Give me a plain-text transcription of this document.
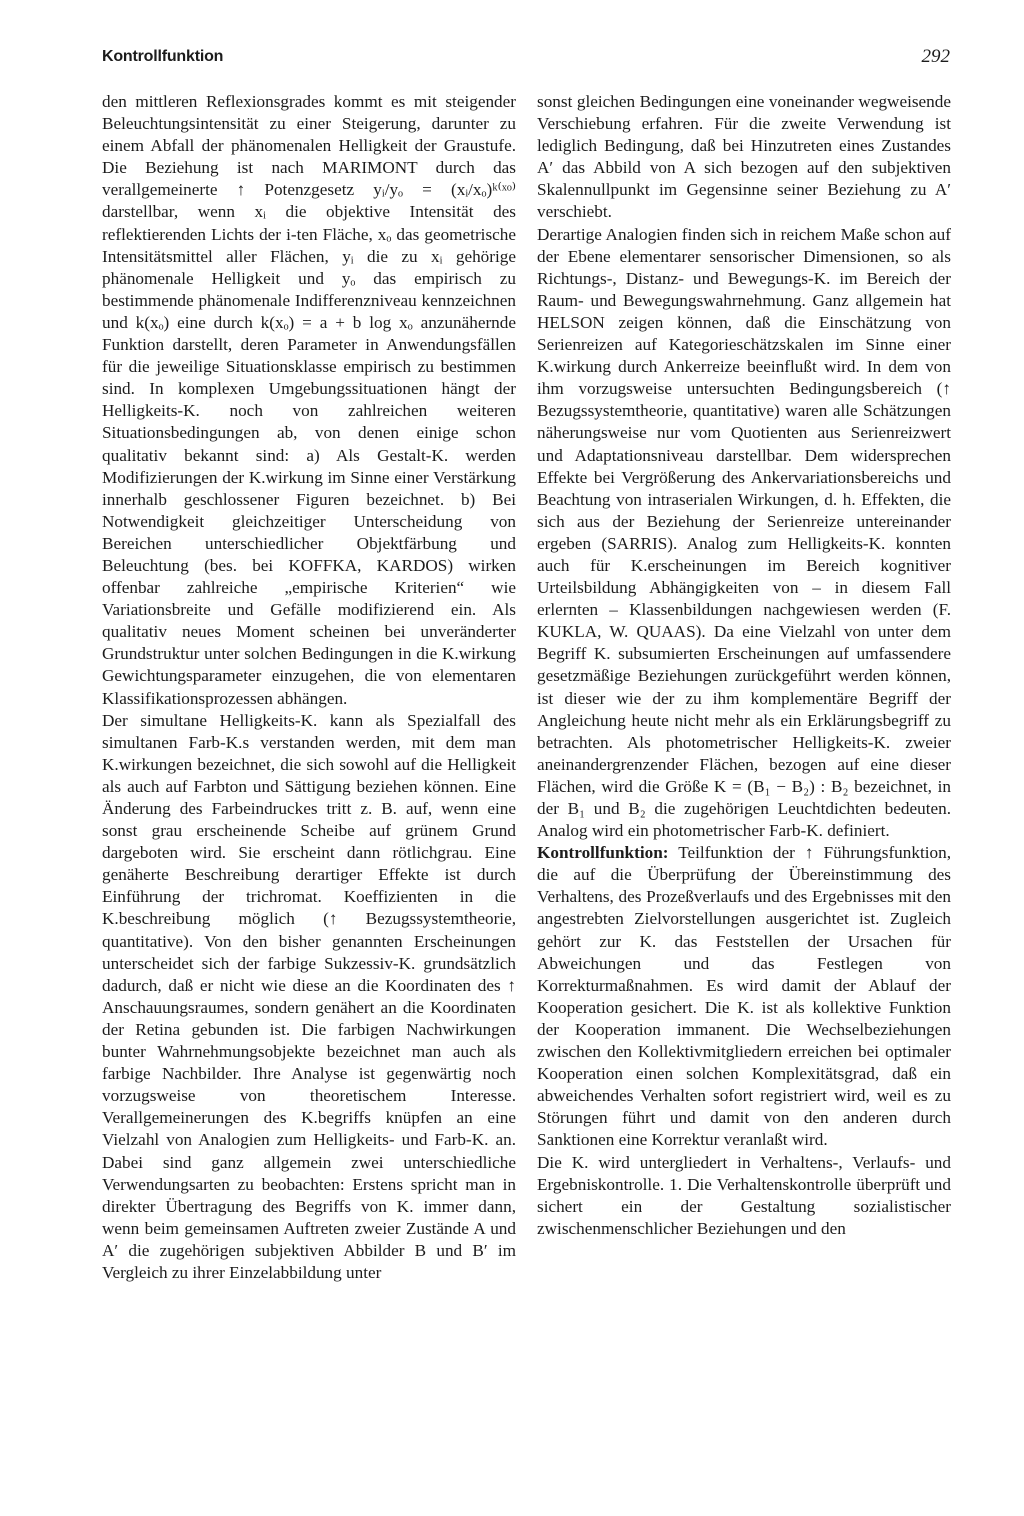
Kontrollfunktion	292

den mittleren Reflexionsgrades kommt es mit steigender Beleuchtungsintensität zu einer Steigerung, darunter zu einem Abfall der phänomenalen Helligkeit der Graustufe. Die Beziehung ist nach MARIMONT durch das verallgemeinerte ↑ Potenzgesetz yᵢ/yₒ = (xᵢ/xₒ)ᵏ⁽ˣᵒ⁾ darstellbar, wenn xᵢ die objektive Intensität des reflektierenden Lichts der i-ten Fläche, xₒ das geometrische Intensitätsmittel aller Flächen, yᵢ die zu xᵢ gehörige phänomenale Helligkeit und yₒ das empirisch zu bestimmende phänomenale Indifferenzniveau kennzeichnen und k(xₒ) eine durch k(xₒ) = a + b log xₒ anzunähernde Funktion darstellt, deren Parameter in Anwendungsfällen für die jeweilige Situationsklasse empirisch zu bestimmen sind. In komplexen Umgebungssituationen hängt der Helligkeits-K. noch von zahlreichen weiteren Situationsbedingungen ab, von denen einige schon qualitativ bekannt sind: a) Als Gestalt-K. werden Modifizierungen der K.wirkung im Sinne einer Verstärkung innerhalb geschlossener Figuren bezeichnet. b) Bei Notwendigkeit gleichzeitiger Unterscheidung von Bereichen unterschiedlicher Objektfärbung und Beleuchtung (bes. bei KOFFKA, KARDOS) wirken offenbar zahlreiche „empirische Kriterien“ wie Variationsbreite und Gefälle modifizierend ein. Als qualitativ neues Moment scheinen bei unveränderter Grundstruktur unter solchen Bedingungen in die K.wirkung Gewichtungsparameter einzugehen, die von elementaren Klassifikationsprozessen abhängen.

Der simultane Helligkeits-K. kann als Spezialfall des simultanen Farb-K.s verstanden werden, mit dem man K.wirkungen bezeichnet, die sich sowohl auf die Helligkeit als auch auf Farbton und Sättigung beziehen können. Eine Änderung des Farbeindruckes tritt z. B. auf, wenn eine sonst grau erscheinende Scheibe auf grünem Grund dargeboten wird. Sie erscheint dann rötlichgrau. Eine genäherte Beschreibung derartiger Effekte ist durch Einführung der trichromat. Koeffizienten in die K.beschreibung möglich (↑ Bezugssystemtheorie, quantitative). Von den bisher genannten Erscheinungen unterscheidet sich der farbige Sukzessiv-K. grundsätzlich dadurch, daß er nicht wie diese an die Koordinaten des ↑ Anschauungsraumes, sondern genähert an die Koordinaten der Retina gebunden ist. Die farbigen Nachwirkungen bunter Wahrnehmungsobjekte bezeichnet man auch als farbige Nachbilder. Ihre Analyse ist gegenwärtig noch vorzugsweise von theoretischem Interesse. Verallgemeinerungen des K.begriffs knüpfen an eine Vielzahl von Analogien zum Helligkeits- und Farb-K. an. Dabei sind ganz allgemein zwei unterschiedliche Verwendungsarten zu beobachten: Erstens spricht man in direkter Übertragung des Begriffs von K. immer dann, wenn beim gemeinsamen Auftreten zweier Zustände A und A′ die zugehörigen subjektiven Abbilder B und B′ im Vergleich zu ihrer Einzelabbildung unter

sonst gleichen Bedingungen eine voneinander wegweisende Verschiebung erfahren. Für die zweite Verwendung ist lediglich Bedingung, daß bei Hinzutreten eines Zustandes A′ das Abbild von A sich bezogen auf den subjektiven Skalennullpunkt im Gegensinne seiner Beziehung zu A′ verschiebt.

Derartige Analogien finden sich in reichem Maße schon auf der Ebene elementarer sensorischer Dimensionen, so als Richtungs-, Distanz- und Bewegungs-K. im Bereich der Raum- und Bewegungswahrnehmung. Ganz allgemein hat HELSON zeigen können, daß die Einschätzung von Serienreizen auf Kategorieschätzskalen im Sinne einer K.wirkung durch Ankerreize beeinflußt wird. In dem von ihm vorzugsweise untersuchten Bedingungsbereich (↑ Bezugssystemtheorie, quantitative) waren alle Schätzungen näherungsweise nur vom Quotienten aus Serienreizwert und Adaptationsniveau darstellbar. Dem widersprechen Effekte bei Vergrößerung des Ankervariationsbereichs und Beachtung von intraserialen Wirkungen, d. h. Effekten, die sich aus der Beziehung der Serienreize untereinander ergeben (SARRIS). Analog zum Helligkeits-K. konnten auch für K.erscheinungen im Bereich kognitiver Urteilsbildung Abhängigkeiten von – in diesem Fall erlernten – Klassenbildungen nachgewiesen werden (F. KUKLA, W. QUAAS). Da eine Vielzahl von unter dem Begriff K. subsumierten Erscheinungen auf umfassendere gesetzmäßige Beziehungen zurückgeführt werden können, ist dieser wie der zu ihm komplementäre Begriff der Angleichung heute nicht mehr als ein Erklärungsbegriff zu betrachten. Als photometrischer Helligkeits-K. zweier aneinandergrenzender Flächen, bezogen auf eine dieser Flächen, wird die Größe K = (B₁ − B₂) : B₂ bezeichnet, in der B₁ und B₂ die zugehörigen Leuchtdichten bedeuten. Analog wird ein photometrischer Farb-K. definiert.

Kontrollfunktion: Teilfunktion der ↑ Führungsfunktion, die auf die Überprüfung der Übereinstimmung des Verhaltens, des Prozeßverlaufs und des Ergebnisses mit den angestrebten Zielvorstellungen ausgerichtet ist. Zugleich gehört zur K. das Feststellen der Ursachen für Abweichungen und das Festlegen von Korrekturmaßnahmen. Es wird damit der Ablauf der Kooperation gesichert. Die K. ist als kollektive Funktion der Kooperation immanent. Die Wechselbeziehungen zwischen den Kollektivmitgliedern erreichen bei optimaler Kooperation einen solchen Komplexitätsgrad, daß ein abweichendes Verhalten sofort registriert wird, weil es zu Störungen führt und damit von den anderen durch Sanktionen eine Korrektur veranlaßt wird.

Die K. wird untergliedert in Verhaltens-, Verlaufs- und Ergebniskontrolle. 1. Die Verhaltenskontrolle überprüft und sichert ein der Gestaltung sozialistischer zwischenmenschlicher Beziehungen und den
